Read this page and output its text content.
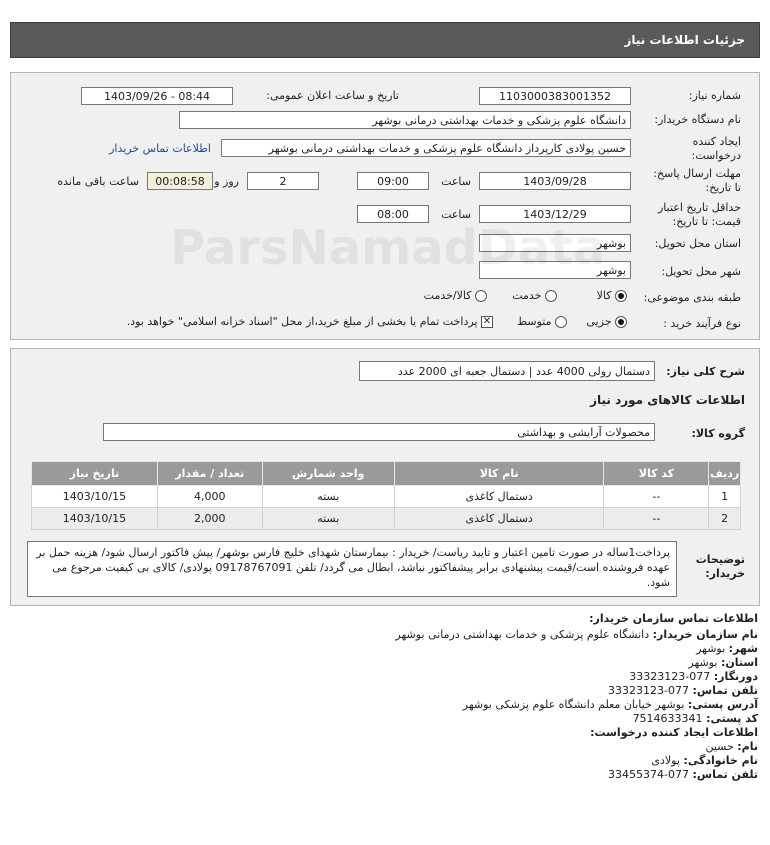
جزئیات اطلاعات نیاز
شماره نیاز:
1103000383001352
تاریخ و ساعت اعلان عمومی:
1403/09/26 - 08:44
نام دستگاه خریدار:
دانشگاه علوم پزشکی و خدمات بهداشتی درمانی بوشهر
ایجاد کننده
درخواست:
حسین پولادی کارپرداز دانشگاه علوم پزشکی و خدمات بهداشتی درمانی بوشهر
اطلاعات تماس خریدار
مهلت ارسال پاسخ:
تا تاریخ:
1403/09/28
ساعت
09:00
2
روز و
00:08:58
ساعت باقی مانده
حداقل تاریخ اعتبار
قیمت: تا تاریخ:
1403/12/29
ساعت
08:00
استان محل تحویل:
بوشهر
شهر محل تحویل:
بوشهر
طبقه بندی موضوعی:
کالا
خدمت
کالا/خدمت
نوع فرآیند خرید :
جزیی
متوسط
✕ پرداخت تمام یا بخشی از مبلغ خرید،از محل "اسناد خزانه اسلامی" خواهد بود.
شرح کلی نیاز:
دستمال رولی 4000 عدد | دستمال جعبه ای 2000 عدد
اطلاعات کالاهای مورد نیاز
گروه کالا:
محصولات آرایشی و بهداشتی
ردیف	کد کالا	نام کالا	واحد شمارش	تعداد / مقدار	تاریخ نیاز
1	--	دستمال کاغذی	بسته	4,000	1403/10/15
2	--	دستمال کاغذی	بسته	2,000	1403/10/15
توضیحات
خریدار:
پرداخت1ساله در صورت تامین اعتبار و تایید ریاست/ خریدار : بیمارستان شهدای خلیج فارس بوشهر/ پیش فاکتور ارسال شود/ هزینه حمل بر عهده فروشنده است/قیمت پیشنهادی برابر پیشفاکتور نباشد، ابطال می گردد/ تلفن 09178767091 پولادی/ کالای بی کیفیت مرجوع می شود.
ParsNamadData
اطلاعات تماس سازمان خریدار:
نام سازمان خریدار: دانشگاه علوم پزشکی و خدمات بهداشتی درمانی بوشهر
شهر: بوشهر
استان: بوشهر
دورنگار: 077-33323123
تلفن تماس: 077-33323123
آدرس پستی: بوشهر خیابان معلم دانشگاه علوم پزشکی بوشهر
کد پستی: 7514633341
اطلاعات ایجاد کننده درخواست:
نام: حسین
نام خانوادگی: پولادی
تلفن تماس: 077-33455374
